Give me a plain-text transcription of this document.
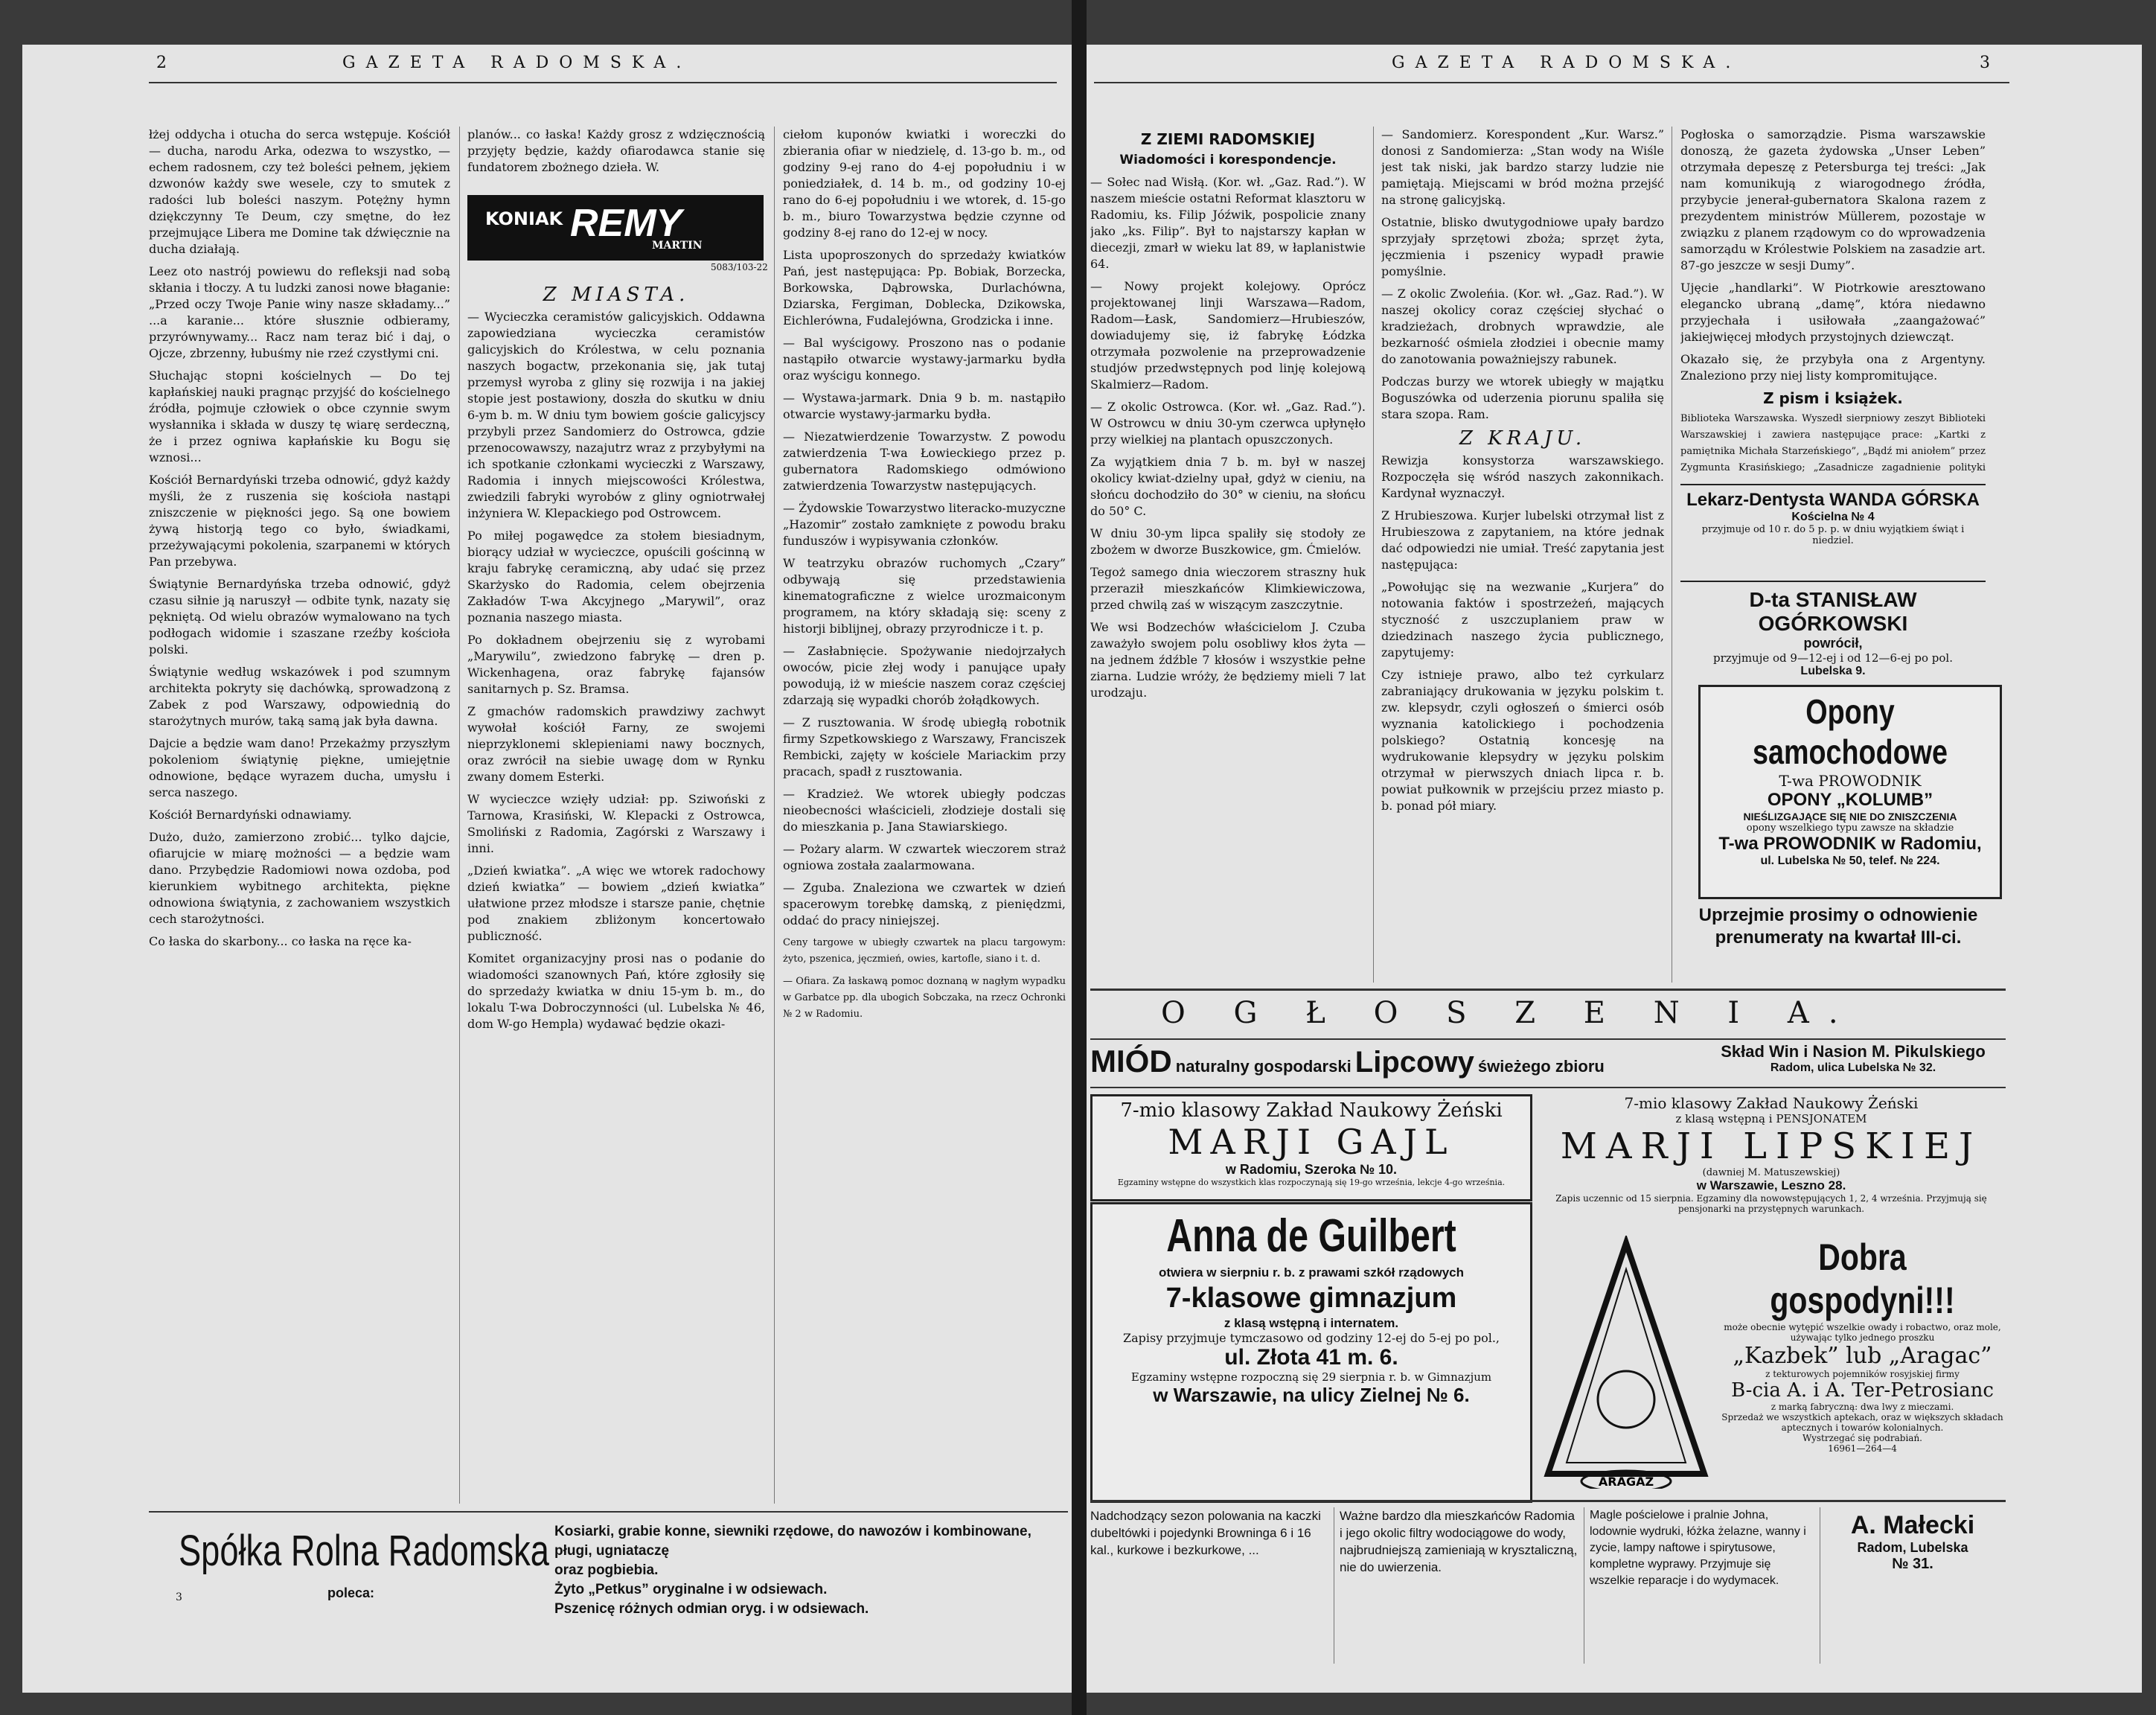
2	GAZETA RADOMSKA.

łżej oddycha i otucha do serca wstępuje. Kościół — ducha, narodu Arka, odezwa to wszystko, — echem radosnem, czy też boleści pełnem, jękiem dzwonów każdy swe wesele, czy to smutek z radości lub boleści naszym. Potężny hymn dziękczynny Te Deum, czy smętne, do łez przejmujące Libera me Domine tak dźwięcznie na ducha działają.

Leez oto nastrój powiewu do refleksji nad sobą skłania i tłoczy. A tu ludzki zanosi nowe błaganie: „Przed oczy Twoje Panie winy nasze składamy...” ...a karanie... które słusznie odbieramy, przyrównywamy... Racz nam teraz bić i daj, o Ojcze, zbrzenny, łubuśmy nie rzeź czystłymi cni.

Słuchając stopni kościelnych — Do tej kapłańskiej nauki pragnąc przyjść do kościelnego źródła, pojmuje człowiek o obce czynnie swym wysłannika i składa w duszy tę wiarę serdeczną, że i przez ogniwa kapłańskie ku Bogu się wznosi...

Kościół Bernardyński trzeba odnowić, gdyż każdy myśli, że z ruszenia się kościoła nastąpi zniszczenie w piękności jego. Są one bowiem żywą historją tego co było, świadkami, przeżywającymi pokolenia, szarpanemi w których Pan przebywa.

Świątynie Bernardyńska trzeba odnowić, gdyż czasu siłnie ją naruszył — odbite tynk, nazaty się pękniętą. Od wielu obrazów wymalowano na tych podłogach widomie i szaszane rzeźby kościoła polski.

Świątynie według wskazówek i pod szumnym architekta pokryty się dachówką, sprowadzoną z Zabek z pod Warszawy, odpowiednią do starożytnych murów, taką samą jak była dawna.

Dajcie a będzie wam dano! Przekażmy przyszłym pokoleniom świątynię piękne, umiejętnie odnowione, będące wyrazem ducha, umysłu i serca naszego.

Kościół Bernardyński odnawiamy.

Dużo, dużo, zamierzono zrobić... tylko dajcie, ofiarujcie w miarę możności — a będzie wam dano. Przybędzie Radomiowi nowa ozdoba, pod kierunkiem wybitnego architekta, piękne odnowiona świątynia, z zachowaniem wszystkich cech starożytności.

Co łaska do skarbony... co łaska na ręce ka-

planów... co łaska! Każdy grosz z wdzięcznością przyjęty będzie, każdy ofiarodawca stanie się fundatorem zbożnego dzieła. W.

KONIAK REMY
MARTIN
5083/103-22
Z MIASTA.

— Wycieczka ceramistów galicyjskich. Oddawna zapowiedziana wycieczka ceramistów galicyjskich do Królestwa, w celu poznania naszych bogactw, przekonania się, jak tutaj przemysł wyroba z gliny się rozwija i na jakiej stopie jest postawiony, doszła do skutku w dniu 6-ym b. m. W dniu tym bowiem goście galicyjscy przybyli przez Sandomierz do Ostrowca, gdzie przenocowawszy, nazajutrz wraz z przybyłymi na ich spotkanie członkami wycieczki z Warszawy, Radomia i innych miejscowości Królestwa, zwiedzili fabryki wyrobów z gliny ogniotrwałej inżyniera W. Klepackiego pod Ostrowcem.

Po miłej pogawędce za stołem biesiadnym, biorący udział w wycieczce, opuścili gościnną w kraju fabrykę ceramiczną, aby udać się przez Skarżysko do Radomia, celem obejrzenia Zakładów T-wa Akcyjnego „Marywil”, oraz poznania naszego miasta.

Po dokładnem obejrzeniu się z wyrobami „Marywilu”, zwiedzono fabrykę — dren p. Wickenhagena, oraz fabrykę fajansów sanitarnych p. Sz. Bramsa.

Z gmachów radomskich prawdziwy zachwyt wywołał kościół Farny, ze swojemi nieprzyklonemi sklepieniami nawy bocznych, oraz zwrócił na siebie uwagę dom w Rynku zwany domem Esterki.

W wycieczce wzięły udział: pp. Sziwoński z Tarnowa, Krasiński, W. Klepacki z Ostrowca, Smoliński z Radomia, Zagórski z Warszawy i inni.

„Dzień kwiatka”. „A więc we wtorek radochowy dzień kwiatka” — bowiem „dzień kwiatka” ułatwione przez młodsze i starsze panie, chętnie pod znakiem zbliżonym koncertowało publiczność.

Komitet organizacyjny prosi nas o podanie do wiadomości szanownych Pań, które zgłosiły się do sprzedaży kwiatka w dniu 15-ym b. m., do lokalu T-wa Dobroczynności (ul. Lubelska № 46, dom W-go Hempla) wydawać będzie okazi-

ciełom kuponów kwiatki i woreczki do zbierania ofiar w niedzielę, d. 13-go b. m., od godziny 9-ej rano do 4-ej popołudniu i w poniedziałek, d. 14 b. m., od godziny 10-ej rano do 6-ej popołudniu i we wtorek, d. 15-go b. m., biuro Towarzystwa będzie czynne od godziny 8-ej rano do 12-ej w nocy.

Lista upoproszonych do sprzedaży kwiatków Pań, jest następująca: Pp. Bobiak, Borzecka, Borkowska, Dąbrowska, Durlachówna, Dziarska, Fergiman, Doblecka, Dzikowska, Eichlerówna, Fudalejówna, Grodzicka i inne.

— Bal wyścigowy. Proszono nas o podanie nastąpiło otwarcie wystawy-jarmarku bydła oraz wyścigu konnego.

— Wystawa-jarmark. Dnia 9 b. m. nastąpiło otwarcie wystawy-jarmarku bydła.

— Niezatwierdzenie Towarzystw. Z powodu zatwierdzenia T-wa Łowieckiego przez p. gubernatora Radomskiego odmówiono zatwierdzenia Towarzystw następujących.

— Żydowskie Towarzystwo literacko-muzyczne „Hazomir” zostało zamknięte z powodu braku funduszów i wypisywania członków.

W teatrzyku obrazów ruchomych „Czary” odbywają się przedstawienia kinematograficzne z wielce urozmaiconym programem, na który składają się: sceny z historji biblijnej, obrazy przyrodnicze i t. p.

— Zasłabnięcie. Spożywanie niedojrzałych owoców, picie złej wody i panujące upały powodują, iż w mieście naszem coraz częściej zdarzają się wypadki chorób żołądkowych.

— Z rusztowania. W środę ubiegłą robotnik firmy Szpetkowskiego z Warszawy, Franciszek Rembicki, zajęty w kościele Mariackim przy pracach, spadł z rusztowania.

— Kradzież. We wtorek ubiegły podczas nieobecności właścicieli, złodzieje dostali się do mieszkania p. Jana Stawiarskiego.

— Pożary alarm. W czwartek wieczorem straż ogniowa została zaalarmowana.

— Zguba. Znaleziona we czwartek w dzień spacerowym torebkę damską, z pieniędzmi, oddać do pracy niniejszej.

Ceny targowe w ubiegły czwartek na placu targowym: żyto, pszenica, jęczmień, owies, kartofle, siano i t. d.

— Ofiara. Za łaskawą pomoc doznaną w nagłym wypadku w Garbatce pp. dla ubogich Sobczaka, na rzecz Ochronki № 2 w Radomiu.

Spółka Rolna Radomska
poleca:
3
Kosiarki, grabie konne, siewniki rzędowe, do nawozów i kombinowane, pługi, ugniataczę
oraz pogbiebia.
Żyto „Petkus” oryginalne i w odsiewach.
Pszenicę różnych odmian oryg. i w odsiewach.
GAZETA RADOMSKA.	3
Z ZIEMI RADOMSKIEJ
Wiadomości i korespondencje.

— Sołec nad Wisłą. (Kor. wł. „Gaz. Rad.”). W naszem mieście ostatni Reformat klasztoru w Radomiu, ks. Filip Jóźwik, pospolicie znany jako „ks. Filip”. Był to najstarszy kapłan w diecezji, zmarł w wieku lat 89, w łaplanistwie 64.

— Nowy projekt kolejowy. Oprócz projektowanej linji Warszawa—Radom, Radom—Łask, Sandomierz—Hrubieszów, dowiadujemy się, iż fabrykę Łódzka otrzymała pozwolenie na przeprowadzenie studjów przedwstępnych pod linję kolejową Skalmierz—Radom.

— Z okolic Ostrowca. (Kor. wł. „Gaz. Rad.”). W Ostrowcu w dniu 30-ym czerwca upłynęło przy wielkiej na plantach opuszczonych.

Za wyjątkiem dnia 7 b. m. był w naszej okolicy kwiat-dzielny upał, gdyż w cieniu, na słońcu dochodziło do 30° w cieniu, na słońcu do 50° C.

W dniu 30-ym lipca spaliły się stodoły ze zbożem w dworze Buszkowice, gm. Ćmielów.

Tegoż samego dnia wieczorem straszny huk przeraził mieszkańców Klimkiewiczowa, przed chwilą zaś w wiszącym zaszczytnie.

We wsi Bodzechów właścicielom J. Czuba zaważyło swojem polu osobliwy kłos żyta — na jednem źdźble 7 kłosów i wszystkie pełne ziarna. Ludzie wróży, że będziemy mieli 7 lat urodzaju.

— Sandomierz. Korespondent „Kur. Warsz.” donosi z Sandomierza: „Stan wody na Wiśle jest tak niski, jak bardzo starzy ludzie nie pamiętają. Miejscami w bród można przejść na stronę galicyjską.

Ostatnie, blisko dwutygodniowe upały bardzo sprzyjały sprzętowi zboża; sprzęt żyta, jęczmienia i pszenicy wypadł prawie pomyślnie.

— Z okolic Zwoleńia. (Kor. wł. „Gaz. Rad.”). W naszej okolicy coraz częściej słychać o kradzieżach, drobnych wprawdzie, ale bezkarność ośmiela złodziei i obecnie mamy do zanotowania poważniejszy rabunek.

Podczas burzy we wtorek ubiegły w majątku Boguszówka od uderzenia piorunu spaliła się stara szopa. Ram.

Z KRAJU.

Rewizja konsystorza warszawskiego. Rozpoczęła się wśród naszych zakonnikach. Kardynał wyznaczył.

Z Hrubieszowa. Kurjer lubelski otrzymał list z Hrubieszowa z zapytaniem, na które jednak dać odpowiedzi nie umiał. Treść zapytania jest następująca:

„Powołując się na wezwanie „Kurjera” do notowania faktów i spostrzeżeń, mających styczność z uszczuplaniem praw w dziedzinach naszego życia publicznego, zapytujemy:

Czy istnieje prawo, albo też cyrkularz zabraniający drukowania w języku polskim t. zw. klepsydr, czyli ogłoszeń o śmierci osób wyznania katolickiego i pochodzenia polskiego? Ostatnią koncesję na wydrukowanie klepsydry w języku polskim otrzymał w pierwszych dniach lipca r. b. powiat pułkownik w przejściu przez miasto p. b. ponad pół miary.

Pogłoska o samorządzie. Pisma warszawskie donoszą, że gazeta żydowska „Unser Leben” otrzymała depeszę z Petersburga tej treści: „Jak nam komunikują z wiarogodnego źródła, przybycie jenerał-gubernatora Skalona razem z prezydentem ministrów Müllerem, pozostaje w związku z planem rządowym co do wprowadzenia samorządu w Królestwie Polskiem na zasadzie art. 87-go jeszcze w sesji Dumy”.

Ujęcie „handlarki”. W Piotrkowie aresztowano elegancko ubraną „damę”, która niedawno przyjechała i usiłowała „zaangażować” jakiejwięcej młodych przystojnych dziewcząt.

Okazało się, że przybyła ona z Argentyny. Znaleziono przy niej listy kompromitujące.

Z pism i książek.

Biblioteka Warszawska. Wyszedł sierpniowy zeszyt Biblioteki Warszawskiej i zawiera następujące prace: „Kartki z pamiętnika Michała Starzeńskiego”, „Bądź mi aniołem” przez Zygmunta Krasińskiego; „Zasadnicze zagadnienie polityki

Lekarz-Dentysta WANDA GÓRSKA
Kościelna № 4
przyjmuje od 10 r. do 5 p. p. w dniu wyjątkiem świąt i niedziel.
D-ta STANISŁAW OGÓRKOWSKI
powrócił,
przyjmuje od 9—12-ej i od 12—6-ej po pol.
Lubelska 9.
Opony samochodowe
T-wa PROWODNIK
OPONY „KOLUMB”
NIEŚLIZGAJĄCE SIĘ NIE DO ZNISZCZENIA
opony wszelkiego typu zawsze na składzie
T-wa PROWODNIK w Radomiu,
ul. Lubelska № 50, telef. № 224.
Uprzejmie prosimy o odnowienie prenumeraty na kwartał III-ci.
O G Ł O S Z E N I A.
MIÓD naturalny gospodarski Lipcowy świeżego zbioru
Skład Win i Nasion M. Pikulskiego
Radom, ulica Lubelska № 32.
7-mio klasowy Zakład Naukowy Żeński
MARJI GAJL
w Radomiu, Szeroka № 10.
Egzaminy wstępne do wszystkich klas rozpoczynają się 19-go września, lekcje 4-go września.
7-mio klasowy Zakład Naukowy Żeński
z klasą wstępną i PENSJONATEM
MARJI LIPSKIEJ
(dawniej M. Matuszewskiej)
w Warszawie, Leszno 28.
Zapis uczennic od 15 sierpnia. Egzaminy dla nowowstępujących 1, 2, 4 września. Przyjmują się pensjonarki na przystępnych warunkach.
Anna de Guilbert
otwiera w sierpniu r. b. z prawami szkół rządowych
7-klasowe gimnazjum
z klasą wstępną i internatem.
Zapisy przyjmuje tymczasowo od godziny 12-ej do 5-ej po pol.,
ul. Złota 41 m. 6.
Egzaminy wstępne rozpoczną się 29 sierpnia r. b. w Gimnazjum
w Warszawie, na ulicy Zielnej № 6.
ARAGAZ
Dobra gospodyni!!!
może obecnie wytępić wszelkie owady i robactwo, oraz mole, używając tylko jednego proszku
„Kazbek” lub „Aragac”
z tekturowych pojemników rosyjskiej firmy
B-cia A. i A. Ter-Petrosianc
z marką fabryczną: dwa lwy z mieczami.
Sprzedaż we wszystkich aptekach, oraz w większych składach aptecznych i towarów kolonialnych.
Wystrzegać się podrabiań.
16961—264—4
Nadchodzący sezon polowania na kaczki dubeltówki i pojedynki Browninga 6 i 16 kal., kurkowe i bezkurkowe, ...
Ważne bardzo dla mieszkańców Radomia i jego okolic filtry wodociągowe do wody, najbrudniejszą zamieniają w krysztaliczną, nie do uwierzenia.
Magle pościelowe i pralnie Johna, lodownie wydruki, łóżka żelazne, wanny i zycie, lampy naftowe i spirytusowe, kompletne wyprawy. Przyjmuje się wszelkie reparacje i do wydymacek.
A. Małecki
Radom, Lubelska
№ 31.
